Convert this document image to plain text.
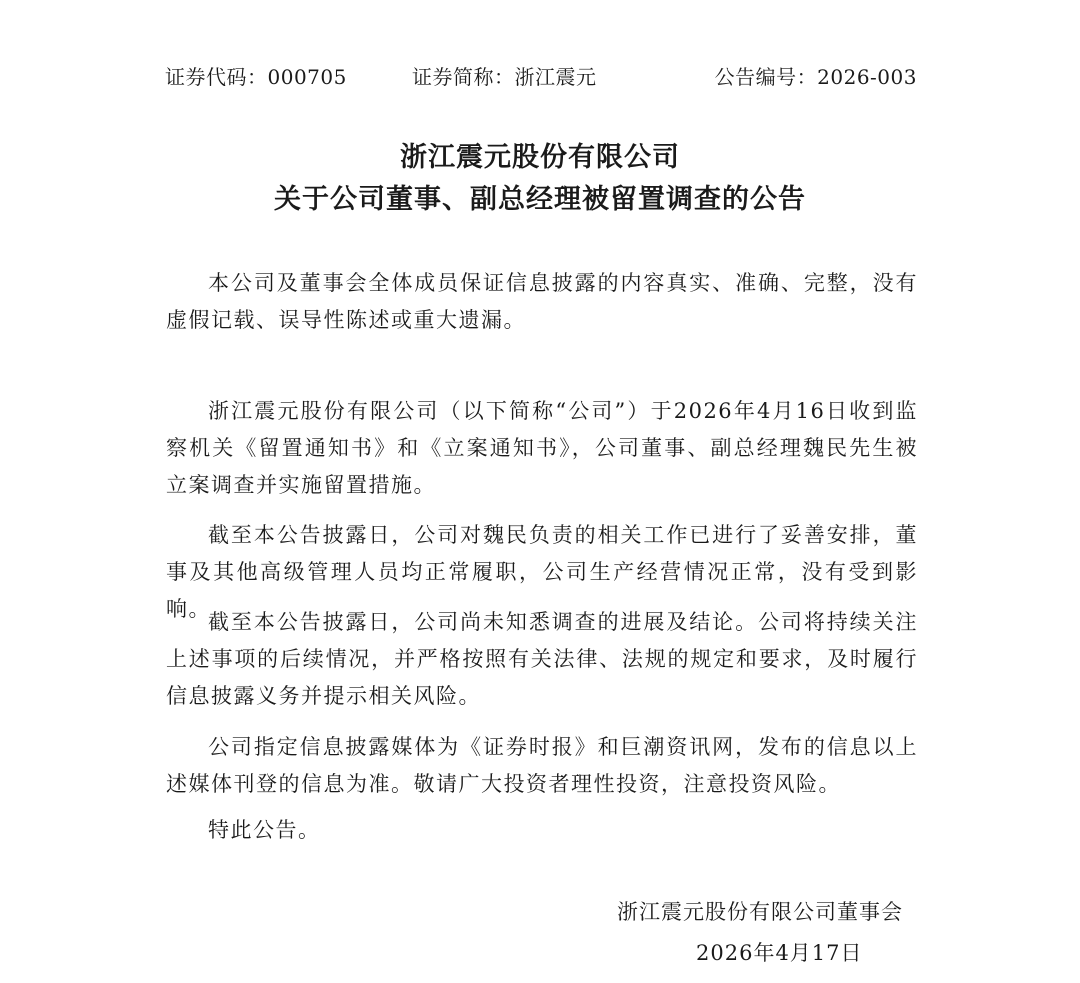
证券代码：000705	证券简称：浙江震元	公告编号：2026-003
浙江震元股份有限公司
关于公司董事、副总经理被留置调查的公告

本公司及董事会全体成员保证信息披露的内容真实、准确、完整，没有虚假记载、误导性陈述或重大遗漏。

浙江震元股份有限公司（以下简称“公司”）于2026年4月16日收到监察机关《留置通知书》和《立案通知书》，公司董事、副总经理魏民先生被立案调查并实施留置措施。

截至本公告披露日，公司对魏民负责的相关工作已进行了妥善安排，董事及其他高级管理人员均正常履职，公司生产经营情况正常，没有受到影响。

截至本公告披露日，公司尚未知悉调查的进展及结论。公司将持续关注上述事项的后续情况，并严格按照有关法律、法规的规定和要求，及时履行信息披露义务并提示相关风险。

公司指定信息披露媒体为《证券时报》和巨潮资讯网，发布的信息以上述媒体刊登的信息为准。敬请广大投资者理性投资，注意投资风险。

特此公告。

浙江震元股份有限公司董事会
2026年4月17日
